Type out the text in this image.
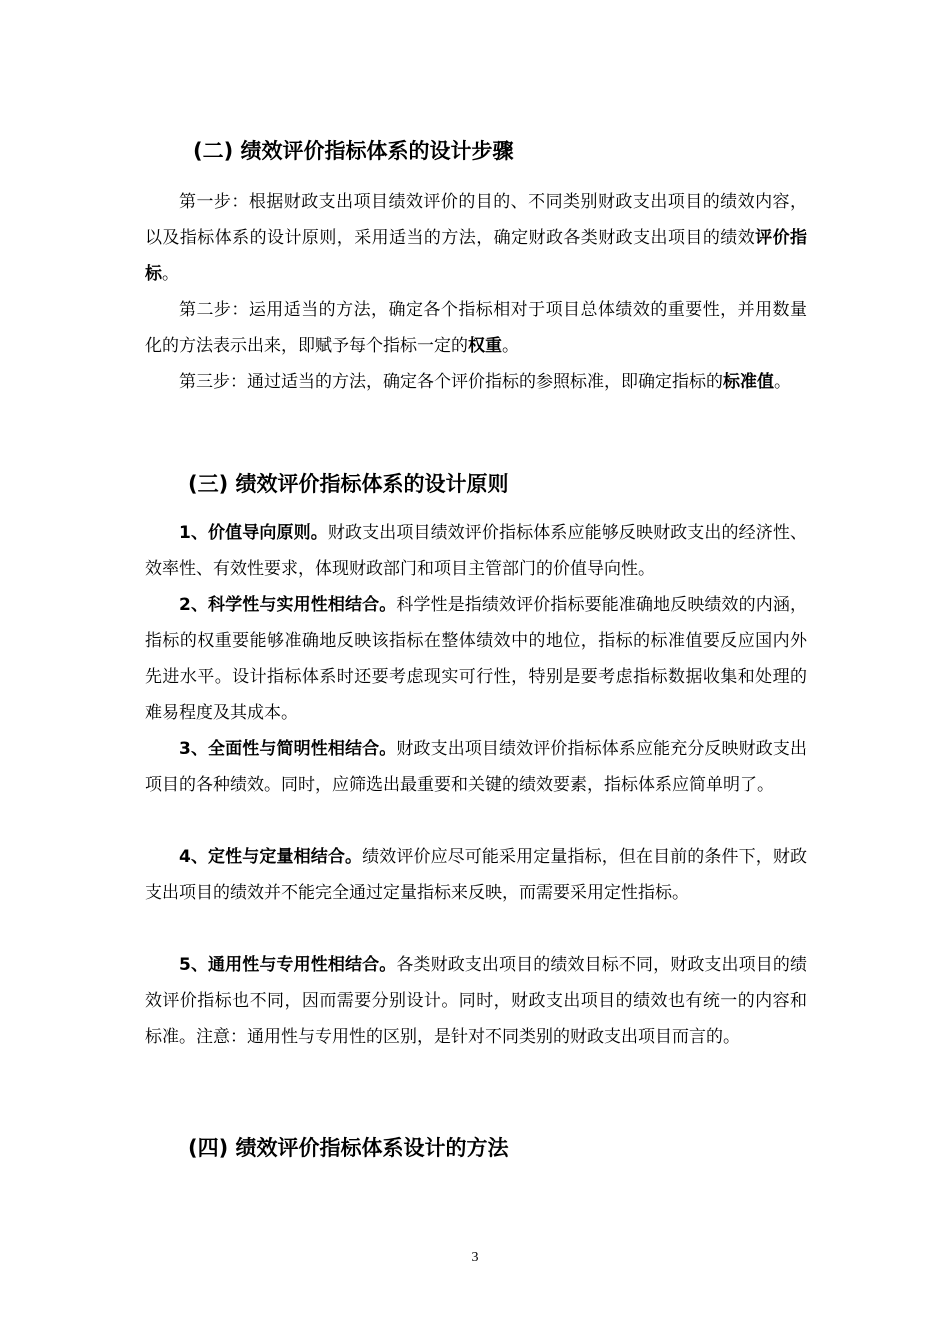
(二) 绩效评价指标体系的设计步骤
第一步：根据财政支出项目绩效评价的目的、不同类别财政支出项目的绩效内容，以及指标体系的设计原则，采用适当的方法，确定财政各类财政支出项目的绩效评价指标。
第二步：运用适当的方法，确定各个指标相对于项目总体绩效的重要性，并用数量化的方法表示出来，即赋予每个指标一定的权重。
第三步：通过适当的方法，确定各个评价指标的参照标准，即确定指标的标准值。
(三) 绩效评价指标体系的设计原则
1、价值导向原则。财政支出项目绩效评价指标体系应能够反映财政支出的经济性、效率性、有效性要求，体现财政部门和项目主管部门的价值导向性。
2、科学性与实用性相结合。科学性是指绩效评价指标要能准确地反映绩效的内涵，指标的权重要能够准确地反映该指标在整体绩效中的地位，指标的标准值要反应国内外先进水平。设计指标体系时还要考虑现实可行性，特别是要考虑指标数据收集和处理的难易程度及其成本。
3、全面性与简明性相结合。财政支出项目绩效评价指标体系应能充分反映财政支出项目的各种绩效。同时，应筛选出最重要和关键的绩效要素，指标体系应简单明了。
4、定性与定量相结合。绩效评价应尽可能采用定量指标，但在目前的条件下，财政支出项目的绩效并不能完全通过定量指标来反映，而需要采用定性指标。
5、通用性与专用性相结合。各类财政支出项目的绩效目标不同，财政支出项目的绩效评价指标也不同，因而需要分别设计。同时，财政支出项目的绩效也有统一的内容和标准。注意：通用性与专用性的区别，是针对不同类别的财政支出项目而言的。
(四) 绩效评价指标体系设计的方法
3
